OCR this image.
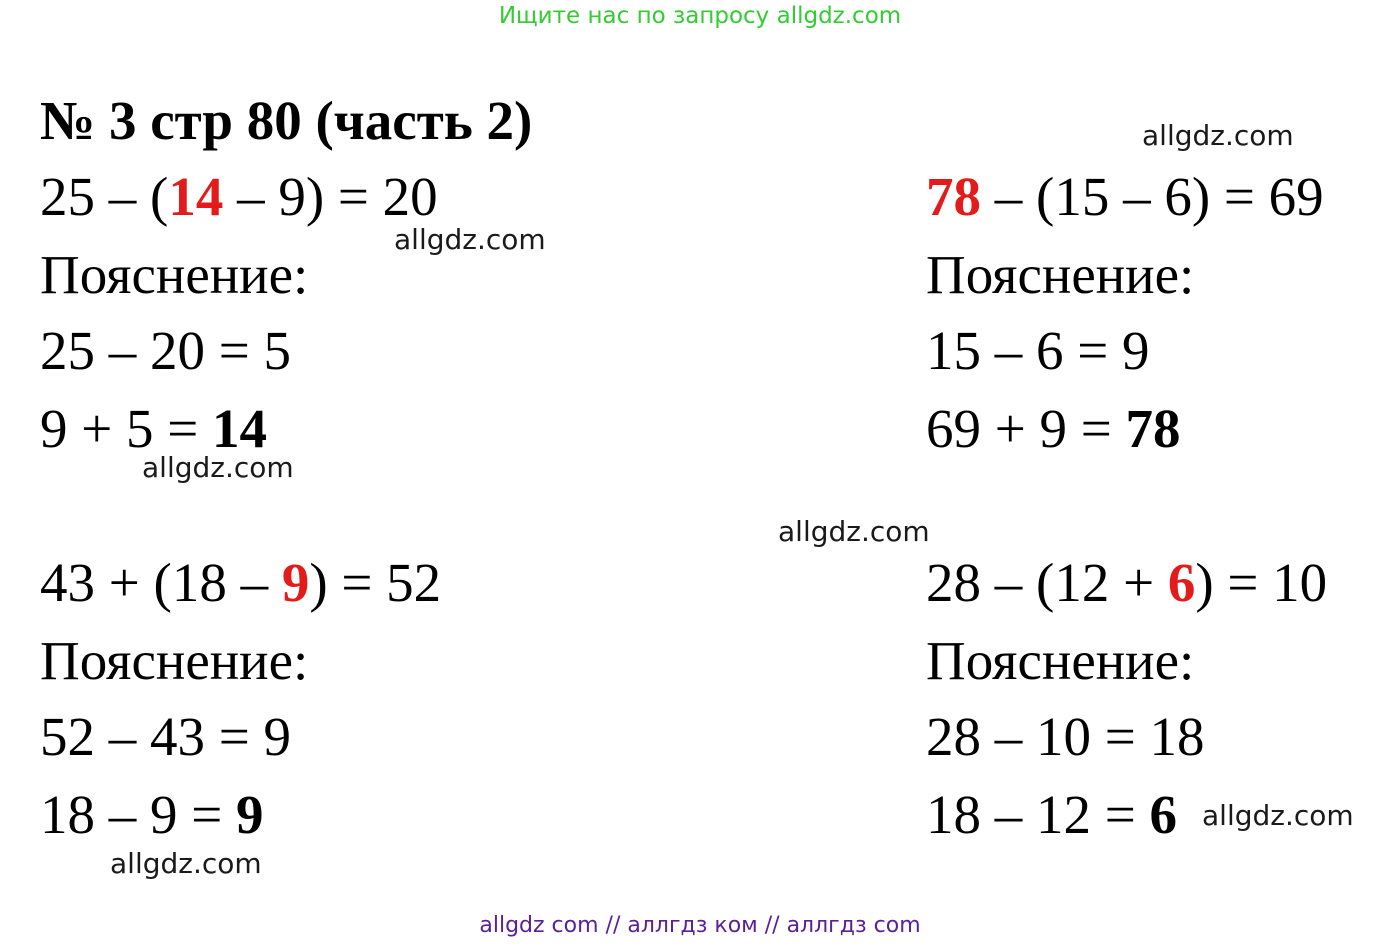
Ищите нас по запросу allgdz.com
№ 3 стр 80 (часть 2)
25 – (14 – 9) = 20
Пояснение:
25 – 20 = 5
9 + 5 = 14
78 – (15 – 6) = 69
Пояснение:
15 – 6 = 9
69 + 9 = 78
43 + (18 – 9) = 52
Пояснение:
52 – 43 = 9
18 – 9 = 9
28 – (12 + 6) = 10
Пояснение:
28 – 10 = 18
18 – 12 = 6
allgdz.com
allgdz.com
allgdz.com
allgdz.com
allgdz.com
allgdz.com
allgdz com // аллгдз ком // аллгдз com
